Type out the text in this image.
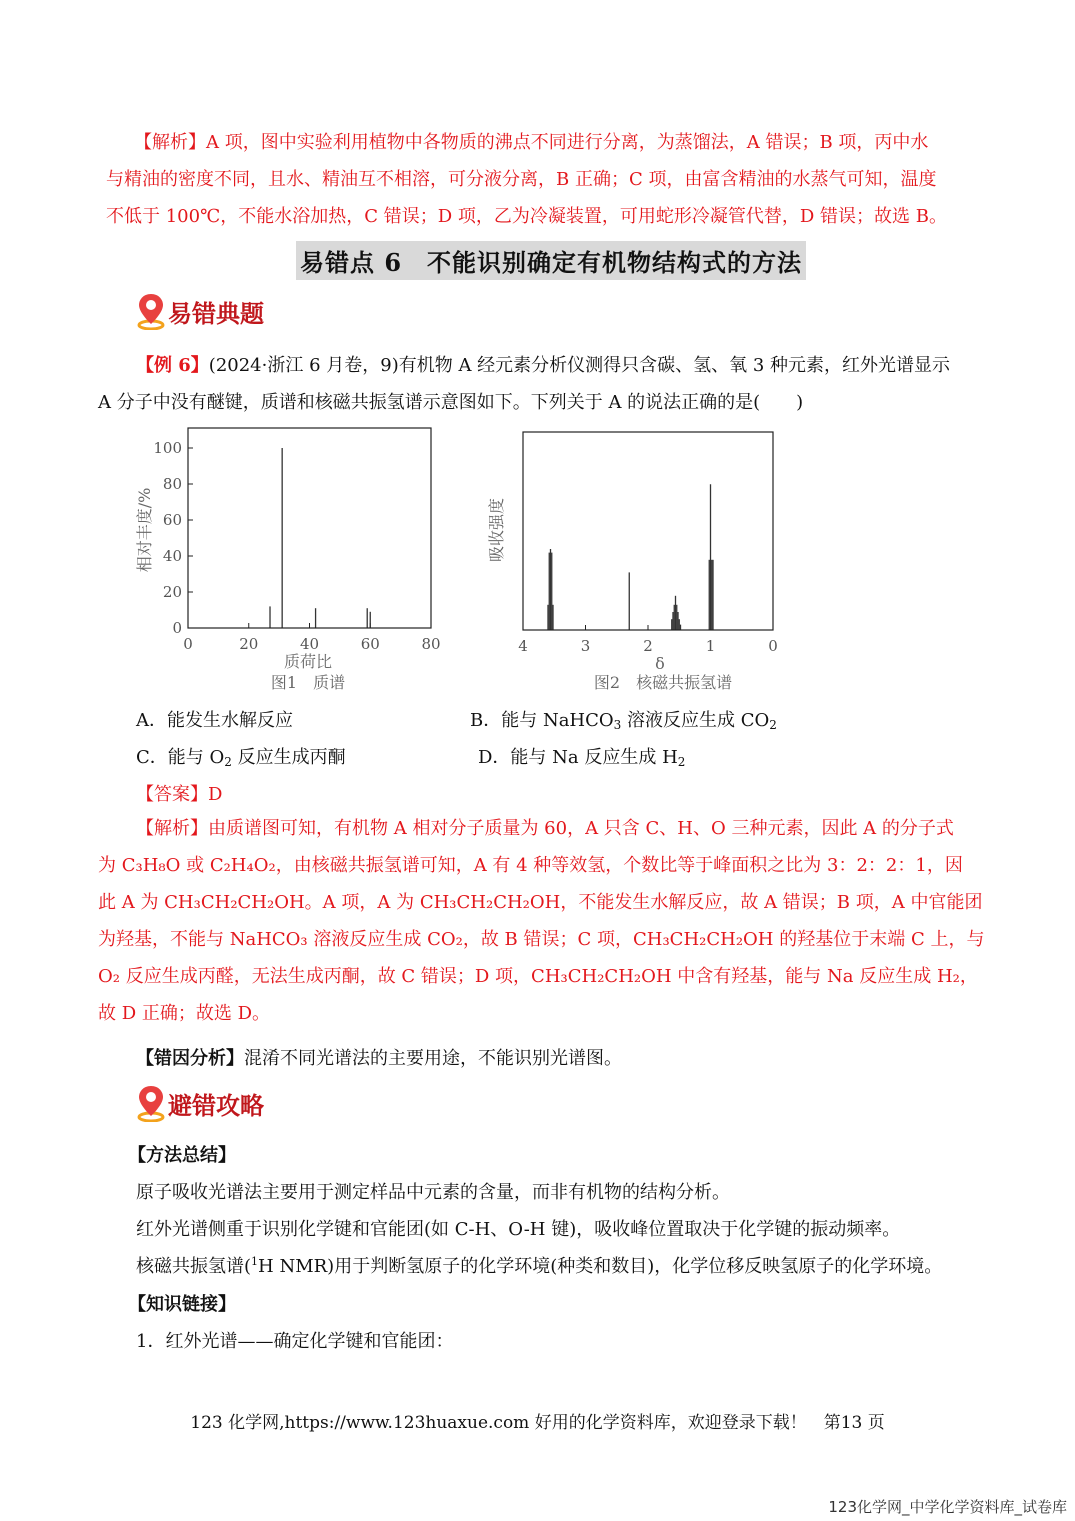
【解析】A 项，图中实验利用植物中各物质的沸点不同进行分离，为蒸馏法，A 错误；B 项，丙中水
与精油的密度不同，且水、精油互不相溶，可分液分离，B 正确；C 项，由富含精油的水蒸气可知，温度
不低于 100℃，不能水浴加热，C 错误；D 项，乙为冷凝装置，可用蛇形冷凝管代替，D 错误；故选 B。
易错点 6　不能识别确定有机物结构式的方法
易错典题
【例 6】(2024·浙江 6 月卷，9)有机物 A 经元素分析仪测得只含碳、氢、氧 3 种元素，红外光谱显示
A 分子中没有醚键，质谱和核磁共振氢谱示意图如下。下列关于 A 的说法正确的是(　　)
0
20
40
60
80
100
0	20	40	60	80
相对丰度/%
质荷比
图1　质谱
4	3	2	1	0
吸收强度
δ
图2　核磁共振氢谱
A．能发生水解反应	B．能与 NaHCO$_3$ 溶液反应生成 $CO_2$
C．能与 $O_2$ 反应生成丙酮	D．能与 Na 反应生成 $H_2$
【答案】D
【解析】由质谱图可知，有机物 A 相对分子质量为 60，A 只含 C、H、O 三种元素，因此 A 的分子式
为 C₃H₈O 或 C₂H₄O₂，由核磁共振氢谱可知，A 有 4 种等效氢，个数比等于峰面积之比为 3：2：2：1，因
此 A 为 CH₃CH₂CH₂OH。A 项，A 为 CH₃CH₂CH₂OH，不能发生水解反应，故 A 错误；B 项，A 中官能团
为羟基，不能与 NaHCO₃ 溶液反应生成 CO₂，故 B 错误；C 项，CH₃CH₂CH₂OH 的羟基位于末端 C 上，与
O₂ 反应生成丙醛，无法生成丙酮，故 C 错误；D 项，CH₃CH₂CH₂OH 中含有羟基，能与 Na 反应生成 H₂，
故 D 正确；故选 D。
【错因分析】混淆不同光谱法的主要用途，不能识别光谱图。
避错攻略
【方法总结】
原子吸收光谱法主要用于测定样品中元素的含量，而非有机物的结构分析。
红外光谱侧重于识别化学键和官能团(如 C-H、O-H 键)，吸收峰位置取决于化学键的振动频率。
核磁共振氢谱($^1$H NMR)用于判断氢原子的化学环境(种类和数目)，化学位移反映氢原子的化学环境。
【知识链接】
1．红外光谱——确定化学键和官能团：
123 化学网,https://www.123huaxue.com 好用的化学资料库，欢迎登录下载！　第13 页
123化学网_中学化学资料库_试卷库
